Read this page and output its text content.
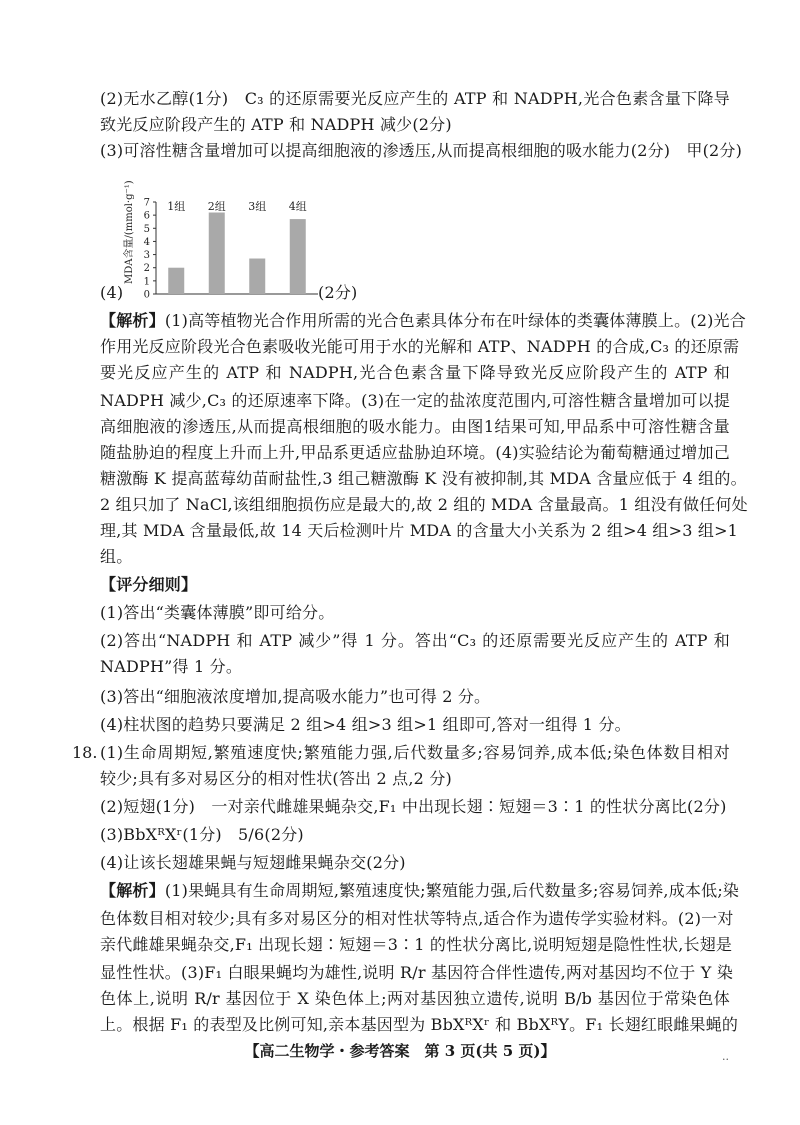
(2)无水乙醇(1分)　C₃ 的还原需要光反应产生的 ATP 和 NADPH,光合色素含量下降导
致光反应阶段产生的 ATP 和 NADPH 减少(2分)
(3)可溶性糖含量增加可以提高细胞液的渗透压,从而提高根细胞的吸水能力(2分)　甲(2分)
(4)
MDA含量/(mmol·g⁻¹)
0
1
2
3
4
5
6
7 1组 2组 3组 4组
(2分)
【解析】(1)高等植物光合作用所需的光合色素具体分布在叶绿体的类囊体薄膜上。(2)光合
作用光反应阶段光合色素吸收光能可用于水的光解和 ATP、NADPH 的合成,C₃ 的还原需
要光反应产生的 ATP 和 NADPH,光合色素含量下降导致光反应阶段产生的 ATP 和
NADPH 减少,C₃ 的还原速率下降。(3)在一定的盐浓度范围内,可溶性糖含量增加可以提
高细胞液的渗透压,从而提高根细胞的吸水能力。由图1结果可知,甲品系中可溶性糖含量
随盐胁迫的程度上升而上升,甲品系更适应盐胁迫环境。(4)实验结论为葡萄糖通过增加己
糖激酶 K 提高蓝莓幼苗耐盐性,3 组己糖激酶 K 没有被抑制,其 MDA 含量应低于 4 组的。
2 组只加了 NaCl,该组细胞损伤应是最大的,故 2 组的 MDA 含量最高。1 组没有做任何处
理,其 MDA 含量最低,故 14 天后检测叶片 MDA 的含量大小关系为 2 组>4 组>3 组>1
组。
【评分细则】
(1)答出“类囊体薄膜”即可给分。
(2)答出“NADPH 和 ATP 减少”得 1 分。答出“C₃ 的还原需要光反应产生的 ATP 和
NADPH”得 1 分。
(3)答出“细胞液浓度增加,提高吸水能力”也可得 2 分。
(4)柱状图的趋势只要满足 2 组>4 组>3 组>1 组即可,答对一组得 1 分。
18. (1)生命周期短,繁殖速度快;繁殖能力强,后代数量多;容易饲养,成本低;染色体数目相对
较少;具有多对易区分的相对性状(答出 2 点,2 分)
(2)短翅(1分)　一对亲代雌雄果蝇杂交,F₁ 中出现长翅∶短翅＝3∶1 的性状分离比(2分)
(3)BbXᴿXʳ(1分)　5/6(2分)
(4)让该长翅雄果蝇与短翅雌果蝇杂交(2分)
【解析】(1)果蝇具有生命周期短,繁殖速度快;繁殖能力强,后代数量多;容易饲养,成本低;染
色体数目相对较少;具有多对易区分的相对性状等特点,适合作为遗传学实验材料。(2)一对
亲代雌雄果蝇杂交,F₁ 出现长翅∶短翅＝3∶1 的性状分离比,说明短翅是隐性性状,长翅是
显性性状。(3)F₁ 白眼果蝇均为雄性,说明 R/r 基因符合伴性遗传,两对基因均不位于 Y 染
色体上,说明 R/r 基因位于 X 染色体上;两对基因独立遗传,说明 B/b 基因位于常染色体
上。根据 F₁ 的表型及比例可知,亲本基因型为 BbXᴿXʳ 和 BbXᴿY。F₁ 长翅红眼雌果蝇的
【高二生物学・参考答案　第 3 页(共 5 页)】	..
